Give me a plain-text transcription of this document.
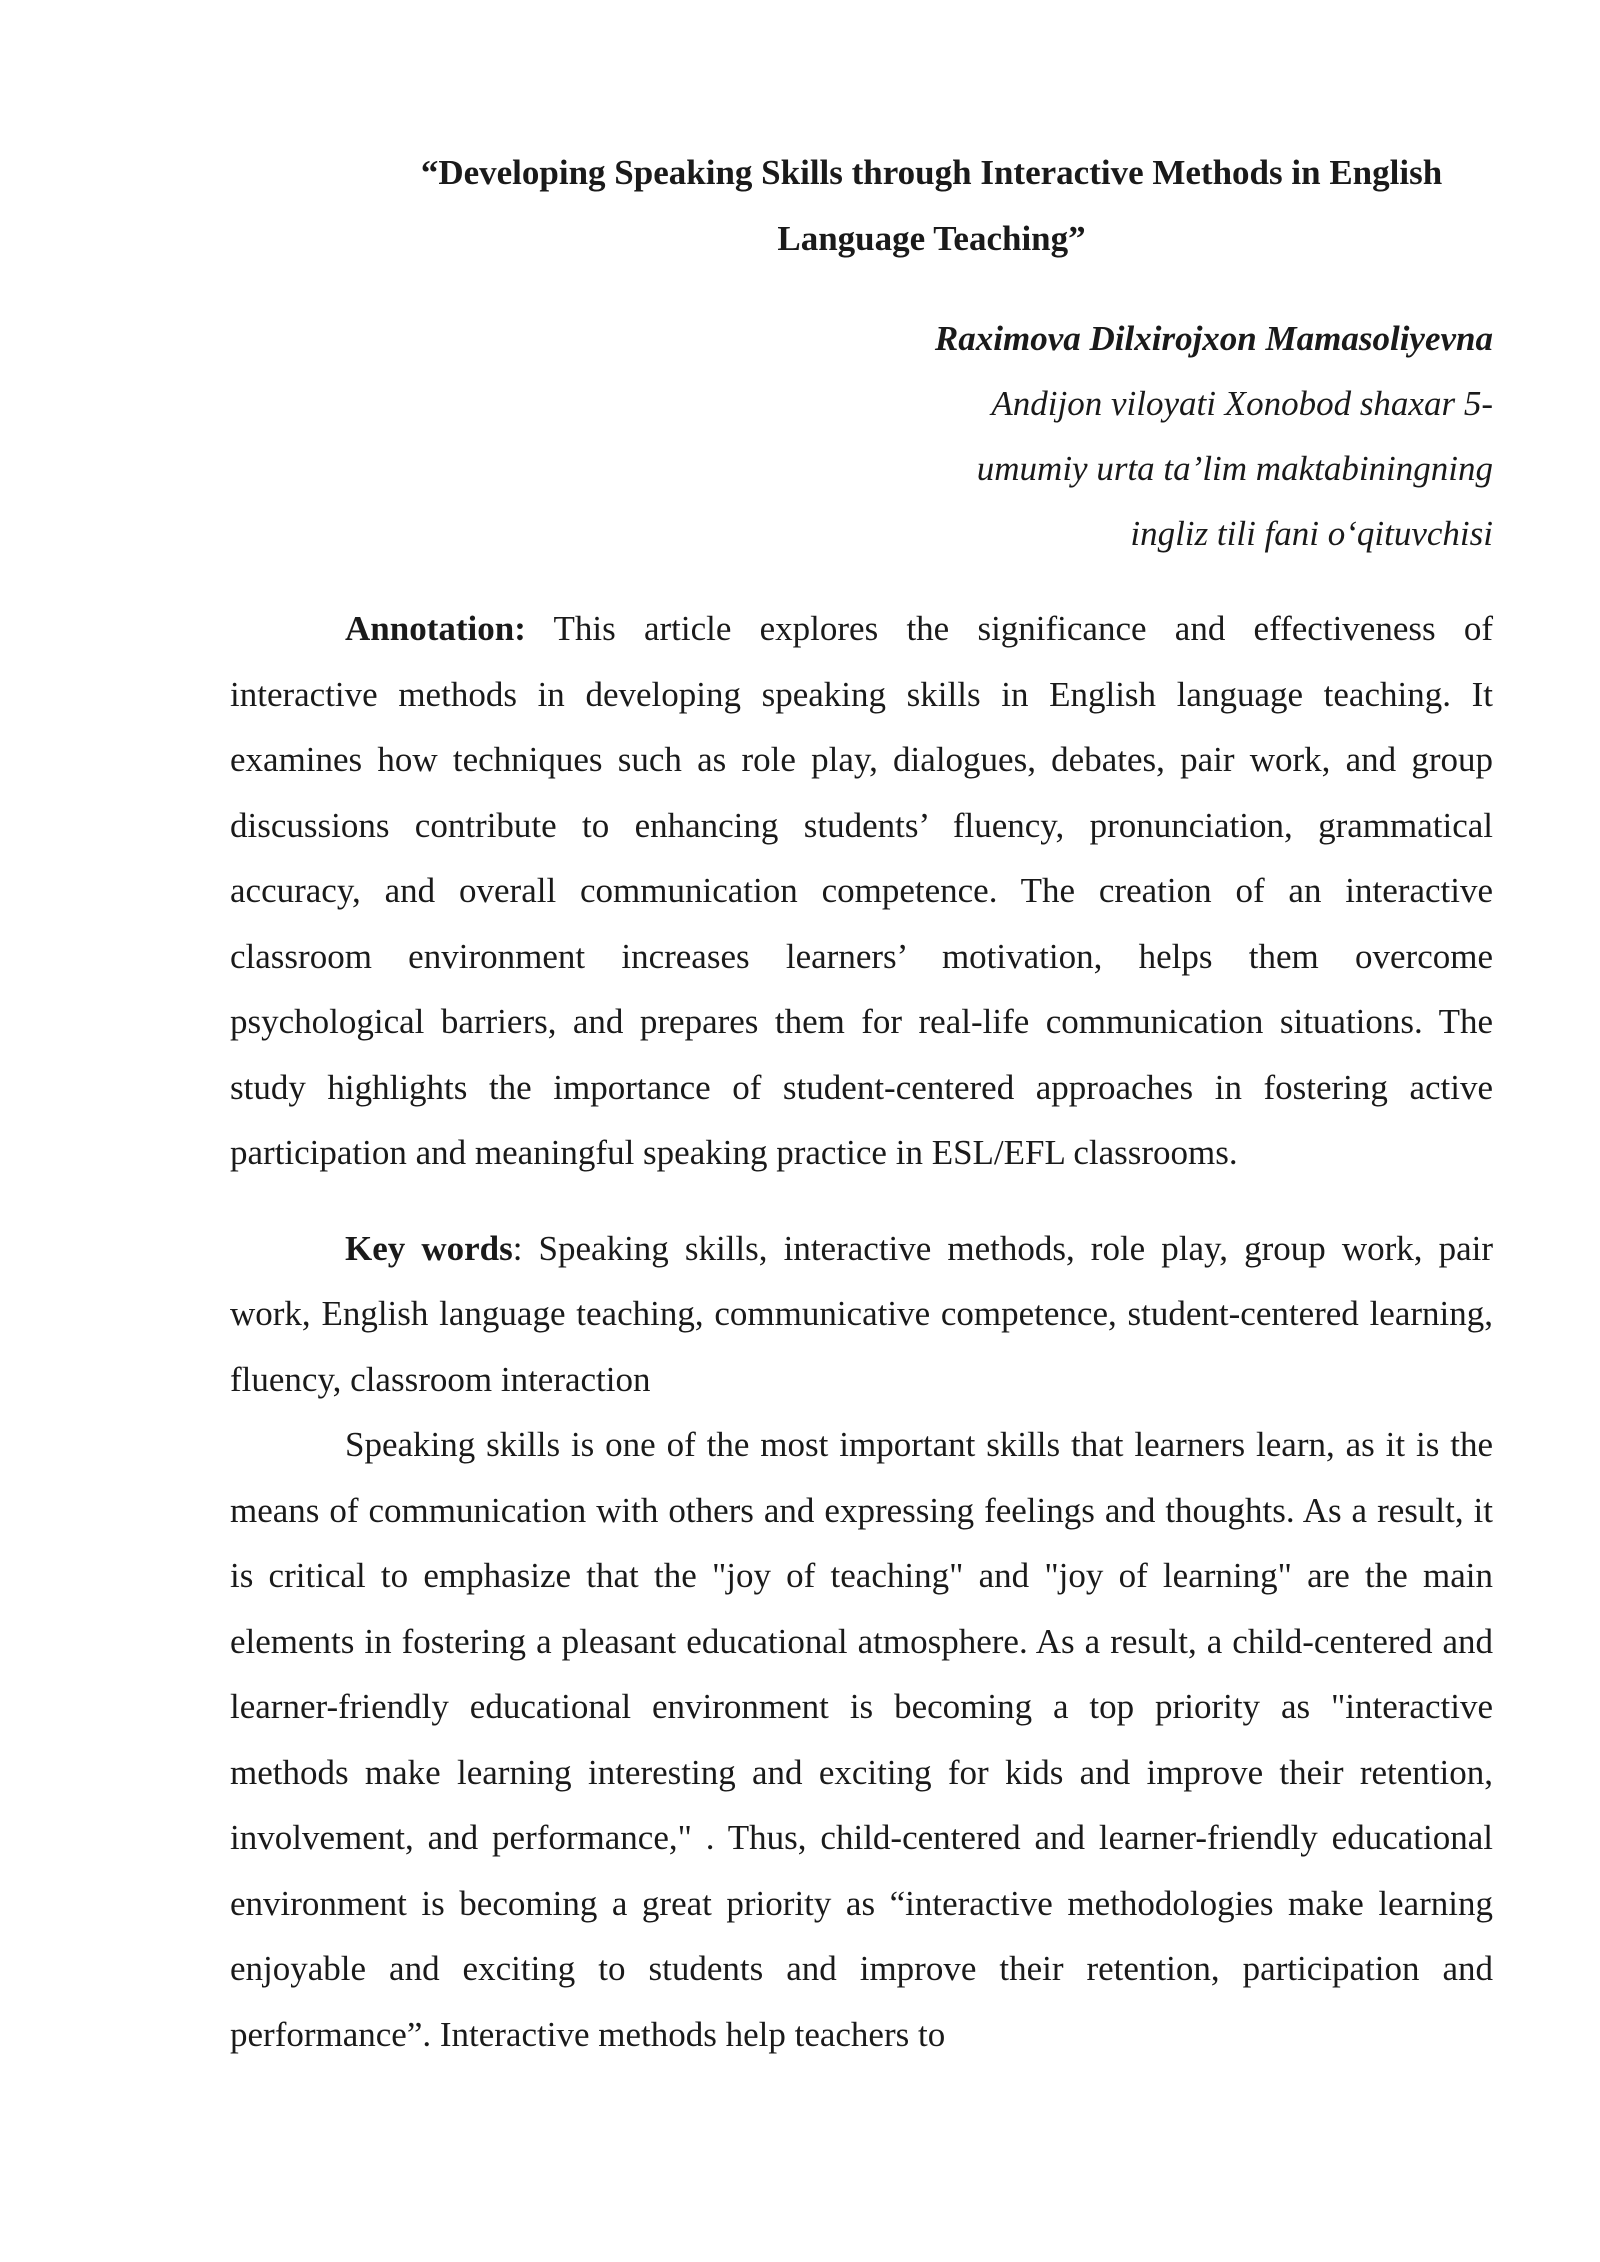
“Developing Speaking Skills through Interactive Methods in English Language Teaching”
Raximova Dilxirojxon Mamasoliyevna
Andijon viloyati Xonobod shaxar 5-
umumiy urta ta’lim maktabiningning
ingliz tili fani o‘qituvchisi

Annotation: This article explores the significance and effectiveness of interactive methods in developing speaking skills in English language teaching. It examines how techniques such as role play, dialogues, debates, pair work, and group discussions contribute to enhancing students’ fluency, pronunciation, grammatical accuracy, and overall communication competence. The creation of an interactive classroom environment increases learners’ motivation, helps them overcome psychological barriers, and prepares them for real-life communication situations. The study highlights the importance of student-centered approaches in fostering active participation and meaningful speaking practice in ESL/EFL classrooms.

Key words: Speaking skills, interactive methods, role play, group work, pair work, English language teaching, communicative competence, student-centered learning, fluency, classroom interaction

Speaking skills is one of the most important skills that learners learn, as it is the means of communication with others and expressing feelings and thoughts. As a result, it is critical to emphasize that the "joy of teaching" and "joy of learning" are the main elements in fostering a pleasant educational atmosphere. As a result, a child-centered and learner-friendly educational environment is becoming a top priority as "interactive methods make learning interesting and exciting for kids and improve their retention, involvement, and performance," . Thus, child-centered and learner-friendly educational environment is becoming a great priority as “interactive methodologies make learning enjoyable and exciting to students and improve their retention, participation and performance”. Interactive methods help teachers to
